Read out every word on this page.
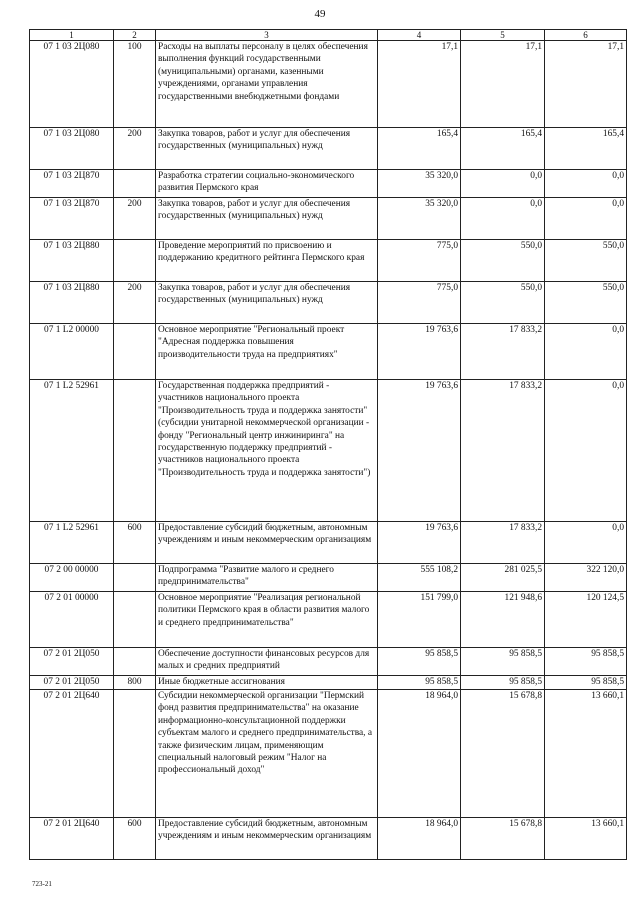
49
1	2	3	4	5	6
07 1 03 2Ц080	100	Расходы на выплаты персоналу в целях обеспечения выполнения функций государственными (муниципальными) органами, казенными учреждениями, органами управления государственными внебюджетными фондами	17,1	17,1	17,1
07 1 03 2Ц080	200	Закупка товаров, работ и услуг для обеспечения государственных (муниципальных) нужд	165,4	165,4	165,4
07 1 03 2Ц870		Разработка стратегии социально-экономического развития Пермского края	35 320,0	0,0	0,0
07 1 03 2Ц870	200	Закупка товаров, работ и услуг для обеспечения государственных (муниципальных) нужд	35 320,0	0,0	0,0
07 1 03 2Ц880		Проведение мероприятий по присвоению и поддержанию кредитного рейтинга Пермского края	775,0	550,0	550,0
07 1 03 2Ц880	200	Закупка товаров, работ и услуг для обеспечения государственных (муниципальных) нужд	775,0	550,0	550,0
07 1 L2 00000		Основное мероприятие "Региональный проект "Адресная поддержка повышения производительности труда на предприятиях"	19 763,6	17 833,2	0,0
07 1 L2 52961		Государственная поддержка предприятий - участников национального проекта "Производительность труда и поддержка занятости" (субсидии унитарной некоммерческой организации - фонду "Региональный центр инжиниринга" на государственную поддержку предприятий - участников национального проекта "Производительность труда и поддержка занятости")	19 763,6	17 833,2	0,0
07 1 L2 52961	600	Предоставление субсидий бюджетным, автономным учреждениям и иным некоммерческим организациям	19 763,6	17 833,2	0,0
07 2 00 00000		Подпрограмма "Развитие малого и среднего предпринимательства"	555 108,2	281 025,5	322 120,0
07 2 01 00000		Основное мероприятие "Реализация региональной политики Пермского края в области развития малого и среднего предпринимательства"	151 799,0	121 948,6	120 124,5
07 2 01 2Ц050		Обеспечение доступности финансовых ресурсов для малых и средних предприятий	95 858,5	95 858,5	95 858,5
07 2 01 2Ц050	800	Иные бюджетные ассигнования	95 858,5	95 858,5	95 858,5
07 2 01 2Ц640		Субсидии некоммерческой организации "Пермский фонд развития предпринимательства" на оказание информационно-консультационной поддержки субъектам малого и среднего предпринимательства, а также физическим лицам, применяющим специальный налоговый режим "Налог на профессиональный доход"	18 964,0	15 678,8	13 660,1
07 2 01 2Ц640	600	Предоставление субсидий бюджетным, автономным учреждениям и иным некоммерческим организациям	18 964,0	15 678,8	13 660,1
723-21
